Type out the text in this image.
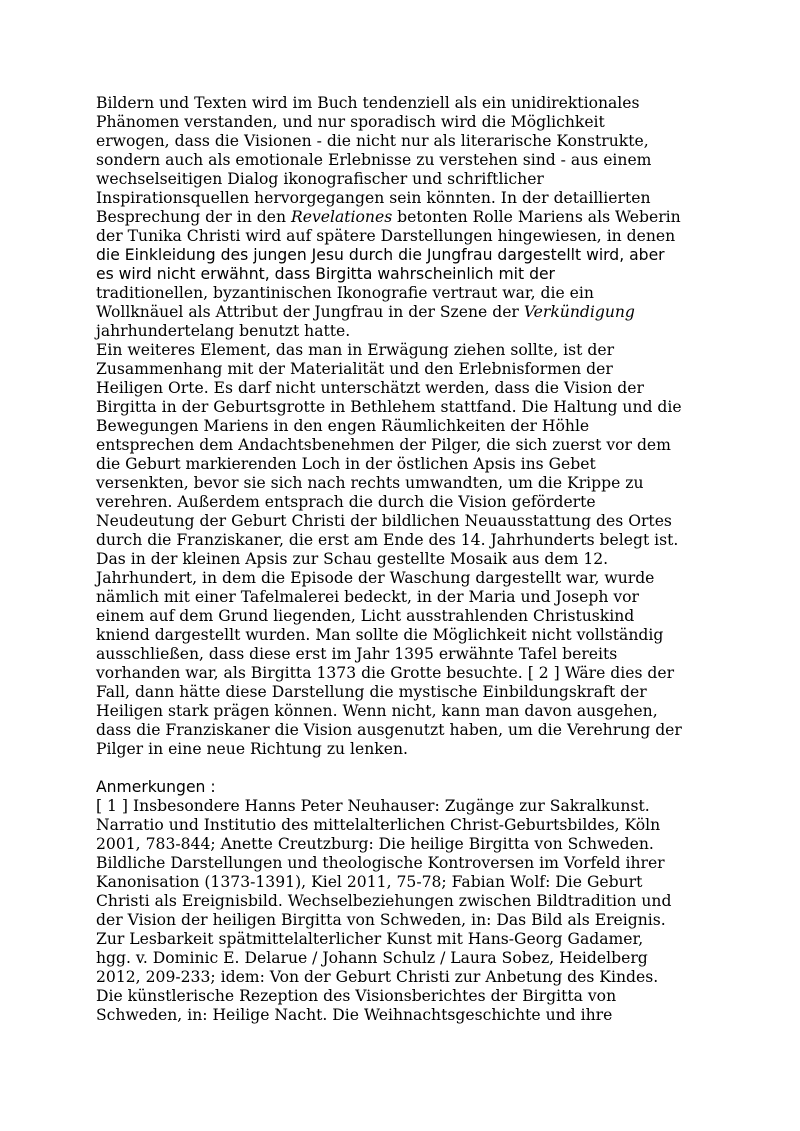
Bildern und Texten wird im Buch tendenziell als ein unidirektionales
Phänomen verstanden, und nur sporadisch wird die Möglichkeit
erwogen, dass die Visionen - die nicht nur als literarische Konstrukte,
sondern auch als emotionale Erlebnisse zu verstehen sind - aus einem
wechselseitigen Dialog ikonografischer und schriftlicher
Inspirationsquellen hervorgegangen sein könnten. In der detaillierten
Besprechung der in den Revelationes betonten Rolle Mariens als Weberin
der Tunika Christi wird auf spätere Darstellungen hingewiesen, in denen
die Einkleidung des jungen Jesu durch die Jungfrau dargestellt wird, aber
es wird nicht erwähnt, dass Birgitta wahrscheinlich mit der
traditionellen, byzantinischen Ikonografie vertraut war, die ein
Wollknäuel als Attribut der Jungfrau in der Szene der Verkündigung
jahrhundertelang benutzt hatte.
Ein weiteres Element, das man in Erwägung ziehen sollte, ist der
Zusammenhang mit der Materialität und den Erlebnisformen der
Heiligen Orte. Es darf nicht unterschätzt werden, dass die Vision der
Birgitta in der Geburtsgrotte in Bethlehem stattfand. Die Haltung und die
Bewegungen Mariens in den engen Räumlichkeiten der Höhle
entsprechen dem Andachtsbenehmen der Pilger, die sich zuerst vor dem
die Geburt markierenden Loch in der östlichen Apsis ins Gebet
versenkten, bevor sie sich nach rechts umwandten, um die Krippe zu
verehren. Außerdem entsprach die durch die Vision geförderte
Neudeutung der Geburt Christi der bildlichen Neuausstattung des Ortes
durch die Franziskaner, die erst am Ende des 14. Jahrhunderts belegt ist.
Das in der kleinen Apsis zur Schau gestellte Mosaik aus dem 12.
Jahrhundert, in dem die Episode der Waschung dargestellt war, wurde
nämlich mit einer Tafelmalerei bedeckt, in der Maria und Joseph vor
einem auf dem Grund liegenden, Licht ausstrahlenden Christuskind
kniend dargestellt wurden. Man sollte die Möglichkeit nicht vollständig
ausschließen, dass diese erst im Jahr 1395 erwähnte Tafel bereits
vorhanden war, als Birgitta 1373 die Grotte besuchte. [ 2 ] Wäre dies der
Fall, dann hätte diese Darstellung die mystische Einbildungskraft der
Heiligen stark prägen können. Wenn nicht, kann man davon ausgehen,
dass die Franziskaner die Vision ausgenutzt haben, um die Verehrung der
Pilger in eine neue Richtung zu lenken.
Anmerkungen :
[ 1 ] Insbesondere Hanns Peter Neuhauser: Zugänge zur Sakralkunst.
Narratio und Institutio des mittelalterlichen Christ-Geburtsbildes, Köln
2001, 783-844; Anette Creutzburg: Die heilige Birgitta von Schweden.
Bildliche Darstellungen und theologische Kontroversen im Vorfeld ihrer
Kanonisation (1373-1391), Kiel 2011, 75-78; Fabian Wolf: Die Geburt
Christi als Ereignisbild. Wechselbeziehungen zwischen Bildtradition und
der Vision der heiligen Birgitta von Schweden, in: Das Bild als Ereignis.
Zur Lesbarkeit spätmittelalterlicher Kunst mit Hans-Georg Gadamer,
hgg. v. Dominic E. Delarue / Johann Schulz / Laura Sobez, Heidelberg
2012, 209-233; idem: Von der Geburt Christi zur Anbetung des Kindes.
Die künstlerische Rezeption des Visionsberichtes der Birgitta von
Schweden, in: Heilige Nacht. Die Weihnachtsgeschichte und ihre
